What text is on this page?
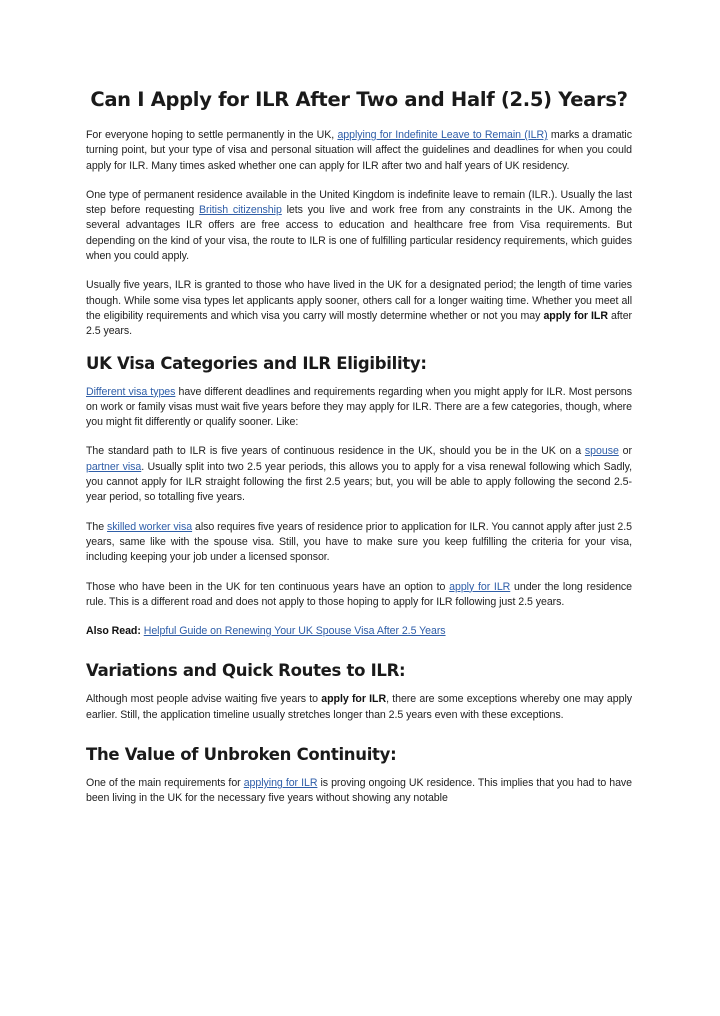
Can I Apply for ILR After Two and Half (2.5) Years?

For everyone hoping to settle permanently in the UK, applying for Indefinite Leave to Remain (ILR) marks a dramatic turning point, but your type of visa and personal situation will affect the guidelines and deadlines for when you could apply for ILR. Many times asked whether one can apply for ILR after two and half years of UK residency.

One type of permanent residence available in the United Kingdom is indefinite leave to remain (ILR.). Usually the last step before requesting British citizenship lets you live and work free from any constraints in the UK. Among the several advantages ILR offers are free access to education and healthcare free from Visa requirements. But depending on the kind of your visa, the route to ILR is one of fulfilling particular residency requirements, which guides when you could apply.

Usually five years, ILR is granted to those who have lived in the UK for a designated period; the length of time varies though. While some visa types let applicants apply sooner, others call for a longer waiting time. Whether you meet all the eligibility requirements and which visa you carry will mostly determine whether or not you may apply for ILR after 2.5 years.

UK Visa Categories and ILR Eligibility:

Different visa types have different deadlines and requirements regarding when you might apply for ILR. Most persons on work or family visas must wait five years before they may apply for ILR. There are a few categories, though, where you might fit differently or qualify sooner. Like:

The standard path to ILR is five years of continuous residence in the UK, should you be in the UK on a spouse or partner visa. Usually split into two 2.5 year periods, this allows you to apply for a visa renewal following which Sadly, you cannot apply for ILR straight following the first 2.5 years; but, you will be able to apply following the second 2.5-year period, so totalling five years.

The skilled worker visa also requires five years of residence prior to application for ILR. You cannot apply after just 2.5 years, same like with the spouse visa. Still, you have to make sure you keep fulfilling the criteria for your visa, including keeping your job under a licensed sponsor.

Those who have been in the UK for ten continuous years have an option to apply for ILR under the long residence rule. This is a different road and does not apply to those hoping to apply for ILR following just 2.5 years.

Also Read: Helpful Guide on Renewing Your UK Spouse Visa After 2.5 Years

Variations and Quick Routes to ILR:

Although most people advise waiting five years to apply for ILR, there are some exceptions whereby one may apply earlier. Still, the application timeline usually stretches longer than 2.5 years even with these exceptions.

The Value of Unbroken Continuity:

One of the main requirements for applying for ILR is proving ongoing UK residence. This implies that you had to have been living in the UK for the necessary five years without showing any notable
